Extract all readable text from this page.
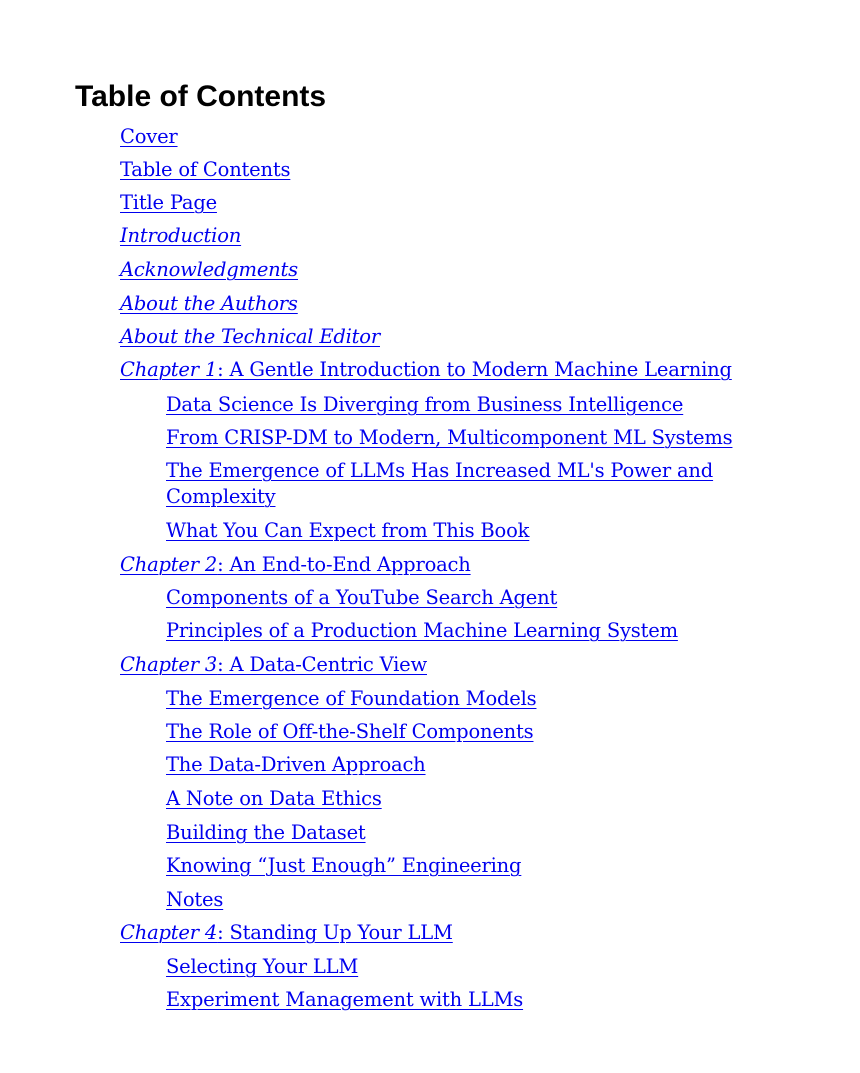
Table of Contents
Cover
Table of Contents
Title Page
Introduction
Acknowledgments
About the Authors
About the Technical Editor
Chapter 1: A Gentle Introduction to Modern Machine Learning
Data Science Is Diverging from Business Intelligence
From CRISP-DM to Modern, Multicomponent ML Systems
The Emergence of LLMs Has Increased ML's Power and Complexity
What You Can Expect from This Book
Chapter 2: An End-to-End Approach
Components of a YouTube Search Agent
Principles of a Production Machine Learning System
Chapter 3: A Data-Centric View
The Emergence of Foundation Models
The Role of Off-the-Shelf Components
The Data-Driven Approach
A Note on Data Ethics
Building the Dataset
Knowing “Just Enough” Engineering
Notes
Chapter 4: Standing Up Your LLM
Selecting Your LLM
Experiment Management with LLMs
